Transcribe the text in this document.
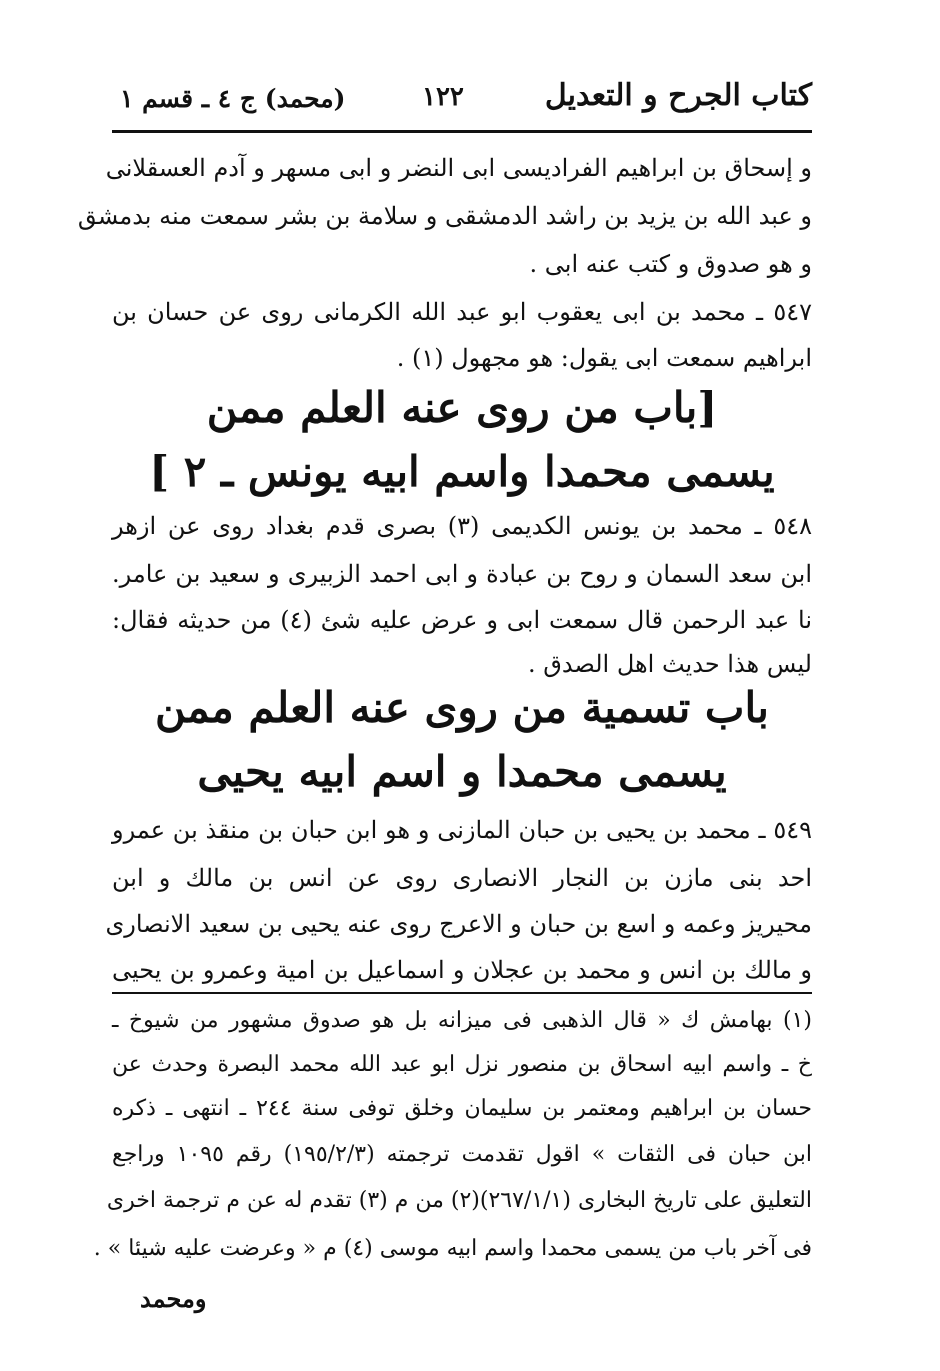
كتاب الجرح و التعديل
١٢٢
(محمد) ج ٤ ـ قسم ١
و إسحاق بن ابراهيم الفراديسى ابى النضر و ابى مسهر و آدم العسقلانى
و عبد الله بن يزيد بن راشد الدمشقى و سلامة بن بشر سمعت منه بدمشق
و هو صدوق و كتب عنه ابى .
٥٤٧ ـ محمد بن ابى يعقوب ابو عبد الله الكرمانى روى عن حسان بن
ابراهيم سمعت ابى يقول: هو مجهول (١) .
[باب من روى عنه العلم ممن
يسمى محمدا واسم ابيه يونس ـ ٢ ]
٥٤٨ ـ محمد بن يونس الكديمى (٣) بصرى قدم بغداد روى عن ازهر
ابن سعد السمان و روح بن عبادة و ابى احمد الزبيرى و سعيد بن عامر.
نا عبد الرحمن قال سمعت ابى و عرض عليه شئ (٤) من حديثه فقال:
ليس هذا حديث اهل الصدق .
باب تسمية من روى عنه العلم ممن
يسمى محمدا و اسم ابيه يحيى
٥٤٩ ـ محمد بن يحيى بن حبان المازنى و هو ابن حبان بن منقذ بن عمرو
احد بنى مازن بن النجار الانصارى روى عن انس بن مالك و ابن
محيريز وعمه و اسع بن حبان و الاعرج روى عنه يحيى بن سعيد الانصارى
و مالك بن انس و محمد بن عجلان و اسماعيل بن امية وعمرو بن يحيى
(١) بهامش ك « قال الذهبى فى ميزانه بل هو صدوق مشهور من شيوخ ـ
خ ـ واسم ابيه اسحاق بن منصور نزل ابو عبد الله محمد البصرة وحدث عن
حسان بن ابراهيم ومعتمر بن سليمان وخلق توفى سنة ٢٤٤ ـ انتهى ـ ذكره
ابن حبان فى الثقات » اقول تقدمت ترجمته (١٩٥/٢/٣) رقم ١٠٩٥ وراجع
التعليق على تاريخ البخارى (٢٦٧/١/١)(٢) من م (٣) تقدم له عن م ترجمة اخرى
فى آخر باب من يسمى محمدا واسم ابيه موسى (٤) م « وعرضت عليه شيئا » .
ومحمد
